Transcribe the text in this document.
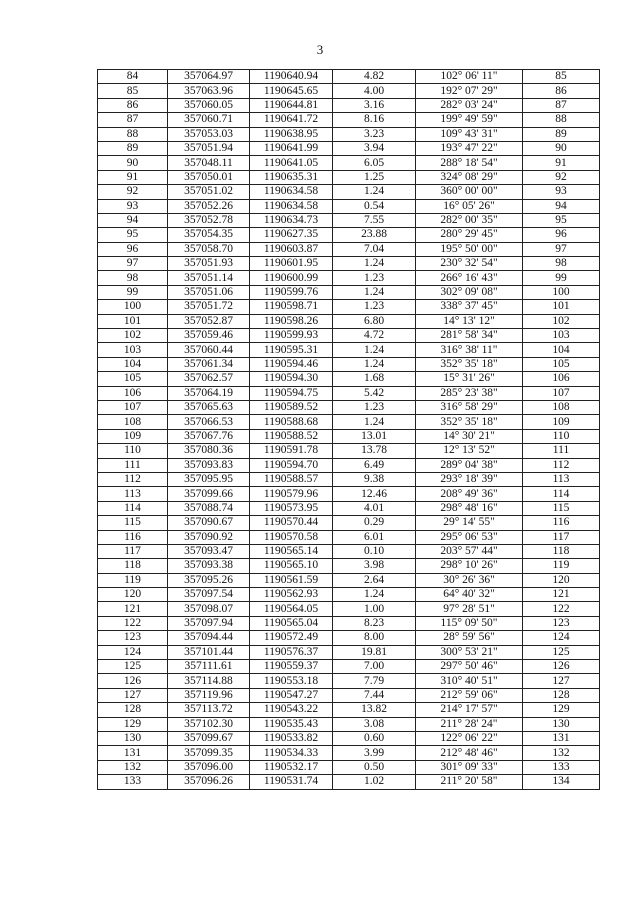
3
84	357064.97	1190640.94	4.82	102° 06' 11"	85
85	357063.96	1190645.65	4.00	192° 07' 29"	86
86	357060.05	1190644.81	3.16	282° 03' 24"	87
87	357060.71	1190641.72	8.16	199° 49' 59"	88
88	357053.03	1190638.95	3.23	109° 43' 31"	89
89	357051.94	1190641.99	3.94	193° 47' 22"	90
90	357048.11	1190641.05	6.05	288° 18' 54"	91
91	357050.01	1190635.31	1.25	324° 08' 29"	92
92	357051.02	1190634.58	1.24	360° 00' 00"	93
93	357052.26	1190634.58	0.54	16° 05' 26"	94
94	357052.78	1190634.73	7.55	282° 00' 35"	95
95	357054.35	1190627.35	23.88	280° 29' 45"	96
96	357058.70	1190603.87	7.04	195° 50' 00"	97
97	357051.93	1190601.95	1.24	230° 32' 54"	98
98	357051.14	1190600.99	1.23	266° 16' 43"	99
99	357051.06	1190599.76	1.24	302° 09' 08"	100
100	357051.72	1190598.71	1.23	338° 37' 45"	101
101	357052.87	1190598.26	6.80	14° 13' 12"	102
102	357059.46	1190599.93	4.72	281° 58' 34"	103
103	357060.44	1190595.31	1.24	316° 38' 11"	104
104	357061.34	1190594.46	1.24	352° 35' 18"	105
105	357062.57	1190594.30	1.68	15° 31' 26"	106
106	357064.19	1190594.75	5.42	285° 23' 38"	107
107	357065.63	1190589.52	1.23	316° 58' 29"	108
108	357066.53	1190588.68	1.24	352° 35' 18"	109
109	357067.76	1190588.52	13.01	14° 30' 21"	110
110	357080.36	1190591.78	13.78	12° 13' 52"	111
111	357093.83	1190594.70	6.49	289° 04' 38"	112
112	357095.95	1190588.57	9.38	293° 18' 39"	113
113	357099.66	1190579.96	12.46	208° 49' 36"	114
114	357088.74	1190573.95	4.01	298° 48' 16"	115
115	357090.67	1190570.44	0.29	29° 14' 55"	116
116	357090.92	1190570.58	6.01	295° 06' 53"	117
117	357093.47	1190565.14	0.10	203° 57' 44"	118
118	357093.38	1190565.10	3.98	298° 10' 26"	119
119	357095.26	1190561.59	2.64	30° 26' 36"	120
120	357097.54	1190562.93	1.24	64° 40' 32"	121
121	357098.07	1190564.05	1.00	97° 28' 51"	122
122	357097.94	1190565.04	8.23	115° 09' 50"	123
123	357094.44	1190572.49	8.00	28° 59' 56"	124
124	357101.44	1190576.37	19.81	300° 53' 21"	125
125	357111.61	1190559.37	7.00	297° 50' 46"	126
126	357114.88	1190553.18	7.79	310° 40' 51"	127
127	357119.96	1190547.27	7.44	212° 59' 06"	128
128	357113.72	1190543.22	13.82	214° 17' 57"	129
129	357102.30	1190535.43	3.08	211° 28' 24"	130
130	357099.67	1190533.82	0.60	122° 06' 22"	131
131	357099.35	1190534.33	3.99	212° 48' 46"	132
132	357096.00	1190532.17	0.50	301° 09' 33"	133
133	357096.26	1190531.74	1.02	211° 20' 58"	134
